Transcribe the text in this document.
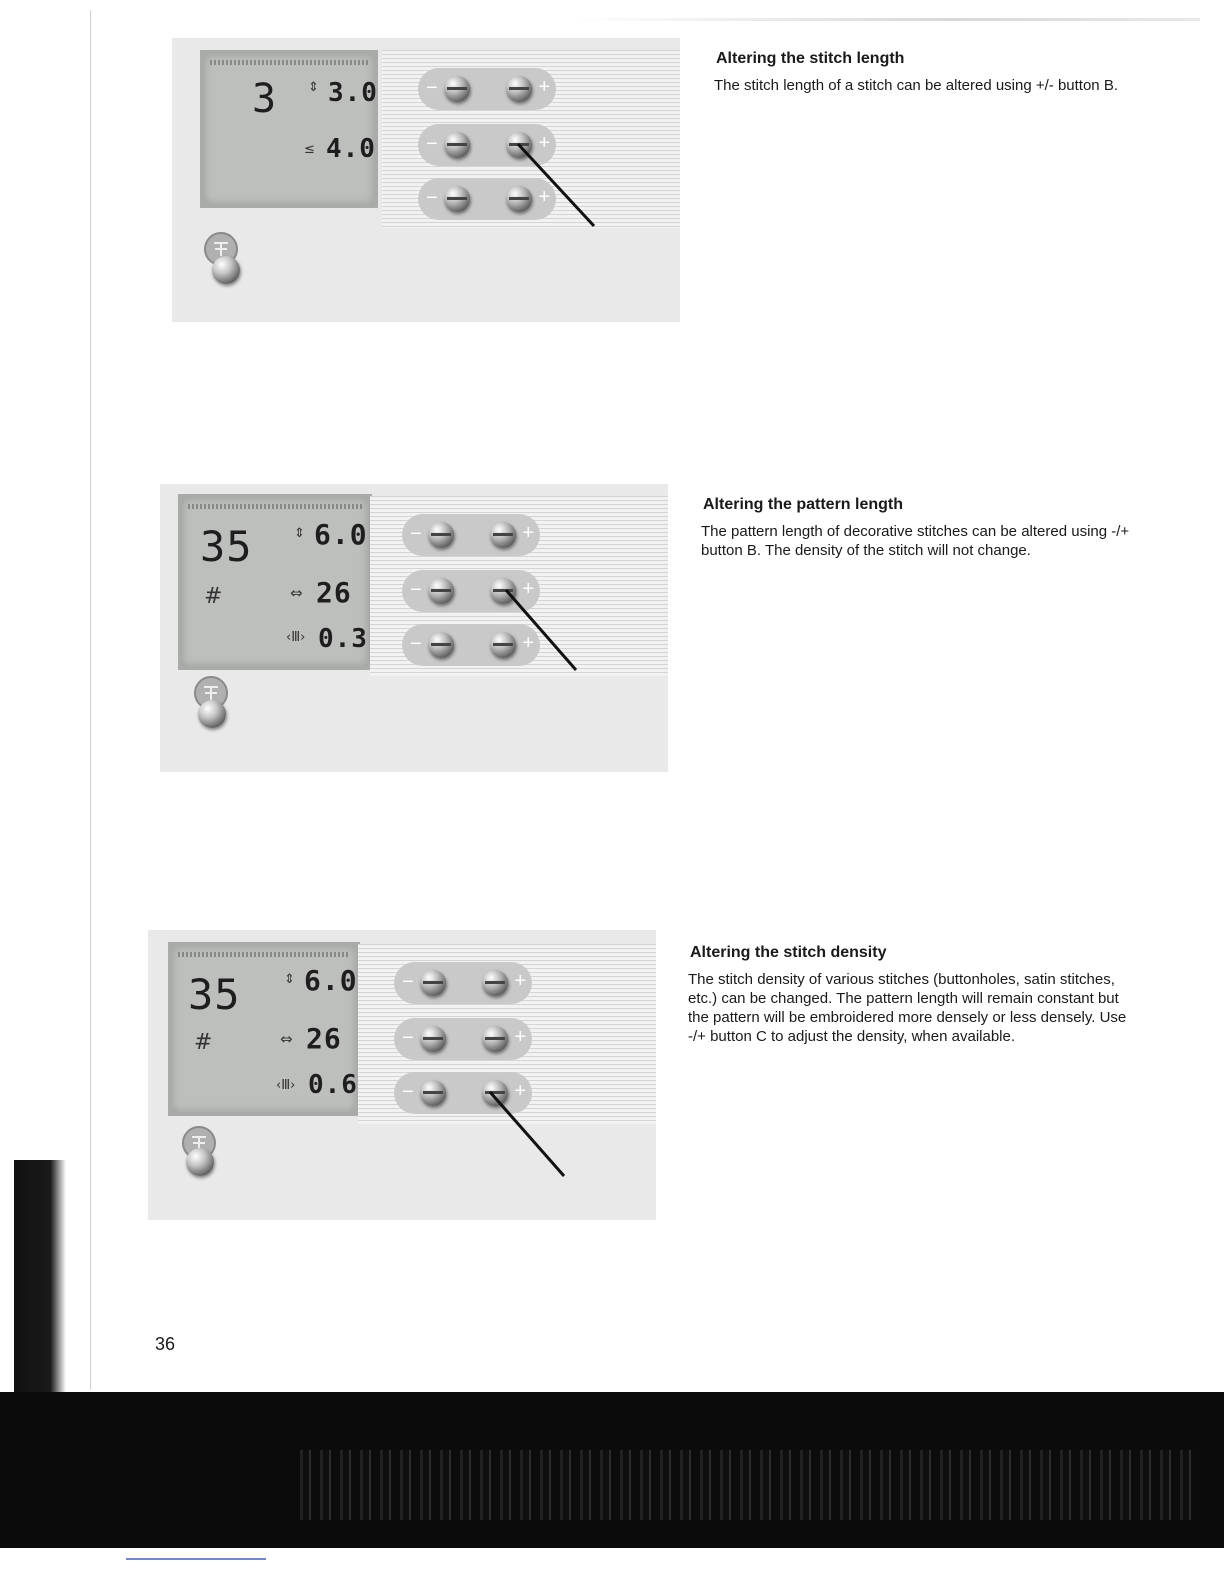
3 ⇕ 3.0
≤ 4.0
−	+
−	+
−	+
Altering the stitch length
The stitch length of a stitch can be altered using +/- button B.
35	⇕ 6.0
#	⇔ 26
‹Ⅲ› 0.3
−	+
−	+
−	+
Altering the pattern length
The pattern length of decorative stitches can be altered using -/+ button B. The density of the stitch will not change.
35	⇕ 6.0
#	⇔ 26
‹Ⅲ› 0.6
−	+
−	+
−	+
Altering the stitch density
The stitch density of various stitches (buttonholes, satin stitches, etc.) can be changed. The pattern length will remain constant but the pattern will be embroidered more densely or less densely. Use -/+ button C to adjust the density, when available.
36
